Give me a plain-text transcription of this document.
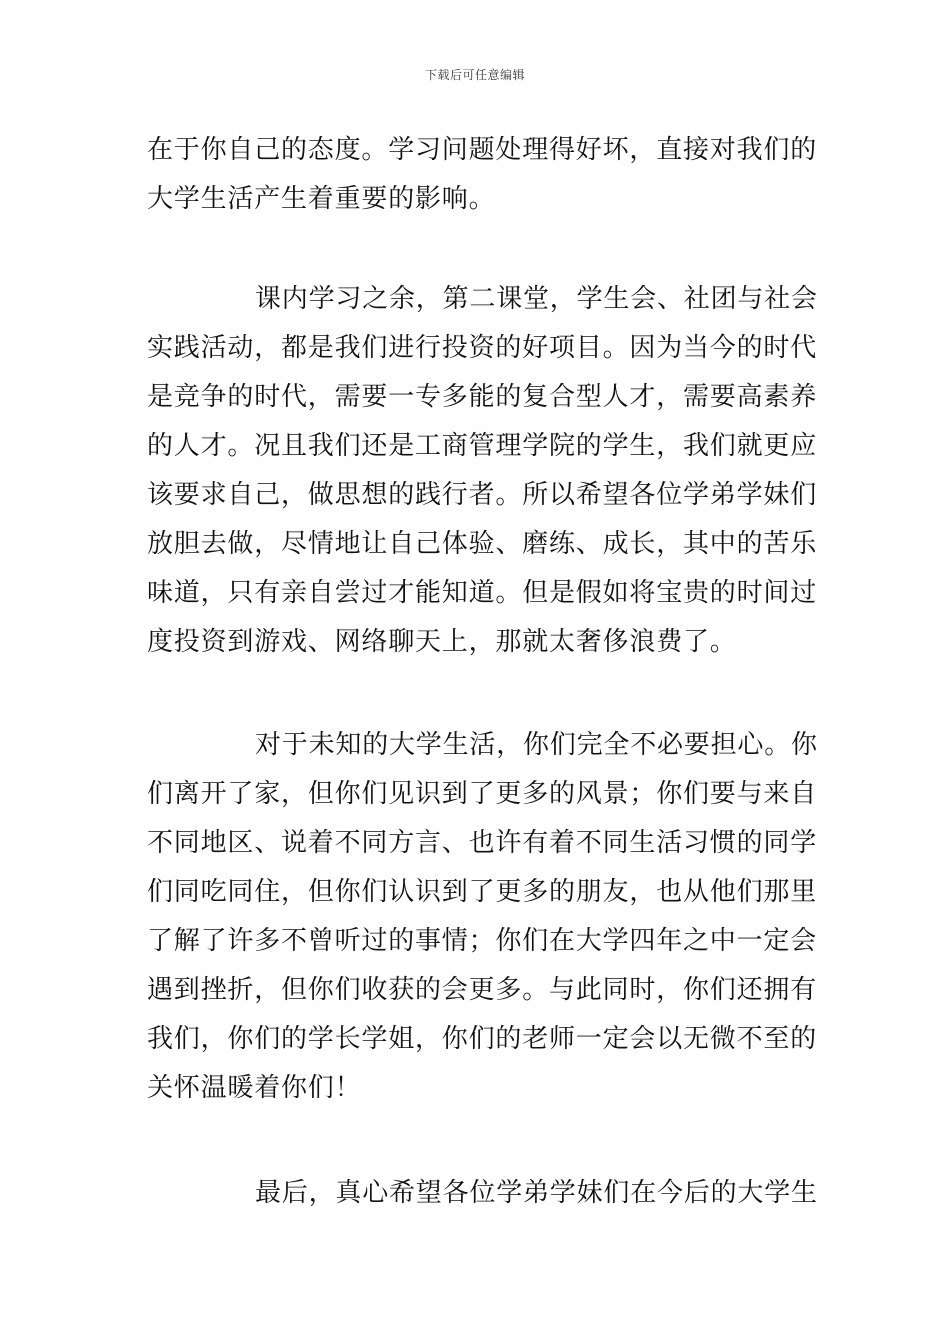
下载后可任意编辑
在于你自己的态度。学习问题处理得好坏，直接对我们的
大学生活产生着重要的影响。
课内学习之余，第二课堂，学生会、社团与社会
实践活动，都是我们进行投资的好项目。因为当今的时代
是竞争的时代，需要一专多能的复合型人才，需要高素养
的人才。况且我们还是工商管理学院的学生，我们就更应
该要求自己，做思想的践行者。所以希望各位学弟学妹们
放胆去做，尽情地让自己体验、磨练、成长，其中的苦乐
味道，只有亲自尝过才能知道。但是假如将宝贵的时间过
度投资到游戏、网络聊天上，那就太奢侈浪费了。
对于未知的大学生活，你们完全不必要担心。你
们离开了家，但你们见识到了更多的风景；你们要与来自
不同地区、说着不同方言、也许有着不同生活习惯的同学
们同吃同住，但你们认识到了更多的朋友，也从他们那里
了解了许多不曾听过的事情；你们在大学四年之中一定会
遇到挫折，但你们收获的会更多。与此同时，你们还拥有
我们，你们的学长学姐，你们的老师一定会以无微不至的
关怀温暖着你们！
最后，真心希望各位学弟学妹们在今后的大学生
